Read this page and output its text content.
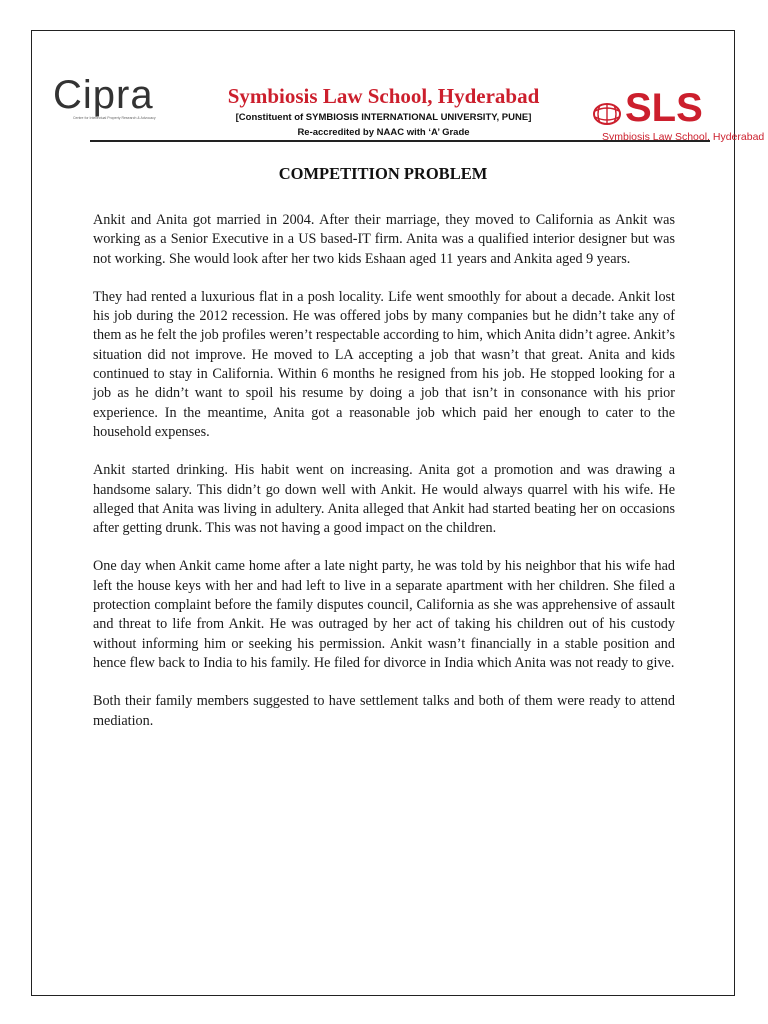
Cipra
Centre for Intellectual Property Research & Advocacy
Symbiosis Law School, Hyderabad
[Constituent of SYMBIOSIS INTERNATIONAL UNIVERSITY, PUNE]
Re-accredited by NAAC with ‘A’ Grade
SLS
Symbiosis Law School, Hyderabad
COMPETITION PROBLEM

Ankit and Anita got married in 2004. After their marriage, they moved to California as Ankit was working as a Senior Executive in a US based-IT firm. Anita was a qualified interior designer but was not working. She would look after her two kids Eshaan aged 11 years and Ankita aged 9 years.

They had rented a luxurious flat in a posh locality. Life went smoothly for about a decade. Ankit lost his job during the 2012 recession. He was offered jobs by many companies but he didn’t take any of them as he felt the job profiles weren’t respectable according to him, which Anita didn’t agree. Ankit’s situation did not improve. He moved to LA accepting a job that wasn’t that great. Anita and kids continued to stay in California. Within 6 months he resigned from his job. He stopped looking for a job as he didn’t want to spoil his resume by doing a job that isn’t in consonance with his prior experience. In the meantime, Anita got a reasonable job which paid her enough to cater to the household expenses.

Ankit started drinking. His habit went on increasing. Anita got a promotion and was drawing a handsome salary. This didn’t go down well with Ankit. He would always quarrel with his wife. He alleged that Anita was living in adultery. Anita alleged that Ankit had started beating her on occasions after getting drunk. This was not having a good impact on the children.

One day when Ankit came home after a late night party, he was told by his neighbor that his wife had left the house keys with her and had left to live in a separate apartment with her children. She filed a protection complaint before the family disputes council, California as she was apprehensive of assault and threat to life from Ankit. He was outraged by her act of taking his children out of his custody without informing him or seeking his permission. Ankit wasn’t financially in a stable position and hence flew back to India to his family. He filed for divorce in India which Anita was not ready to give.

Both their family members suggested to have settlement talks and both of them were ready to attend mediation.
